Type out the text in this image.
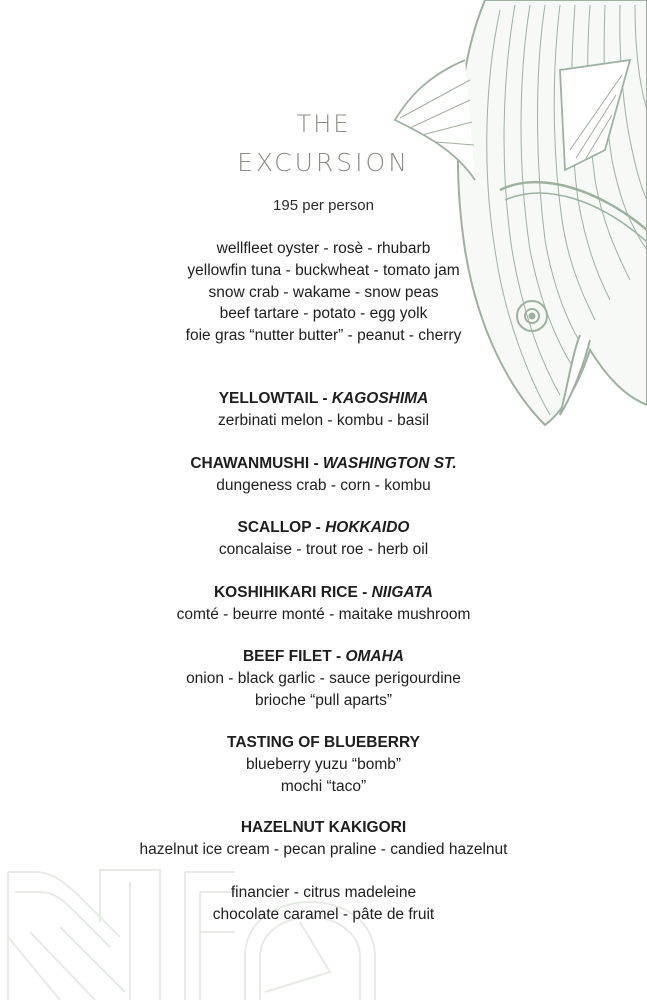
THE
EXCURSION
195 per person
wellfleet oyster - rosè - rhubarb
yellowfin tuna - buckwheat - tomato jam
snow crab - wakame - snow peas
beef tartare - potato - egg yolk
foie gras “nutter butter” - peanut - cherry
YELLOWTAIL - KAGOSHIMA
zerbinati melon - kombu - basil
CHAWANMUSHI - WASHINGTON ST.
dungeness crab - corn - kombu
SCALLOP - HOKKAIDO
concalaise - trout roe - herb oil
KOSHIHIKARI RICE - NIIGATA
comté - beurre monté - maitake mushroom
BEEF FILET - OMAHA
onion - black garlic - sauce perigourdine
brioche “pull aparts”
TASTING OF BLUEBERRY
blueberry yuzu “bomb”
mochi “taco”
HAZELNUT KAKIGORI
hazelnut ice cream - pecan praline - candied hazelnut
financier - citrus madeleine
chocolate caramel - pâte de fruit
